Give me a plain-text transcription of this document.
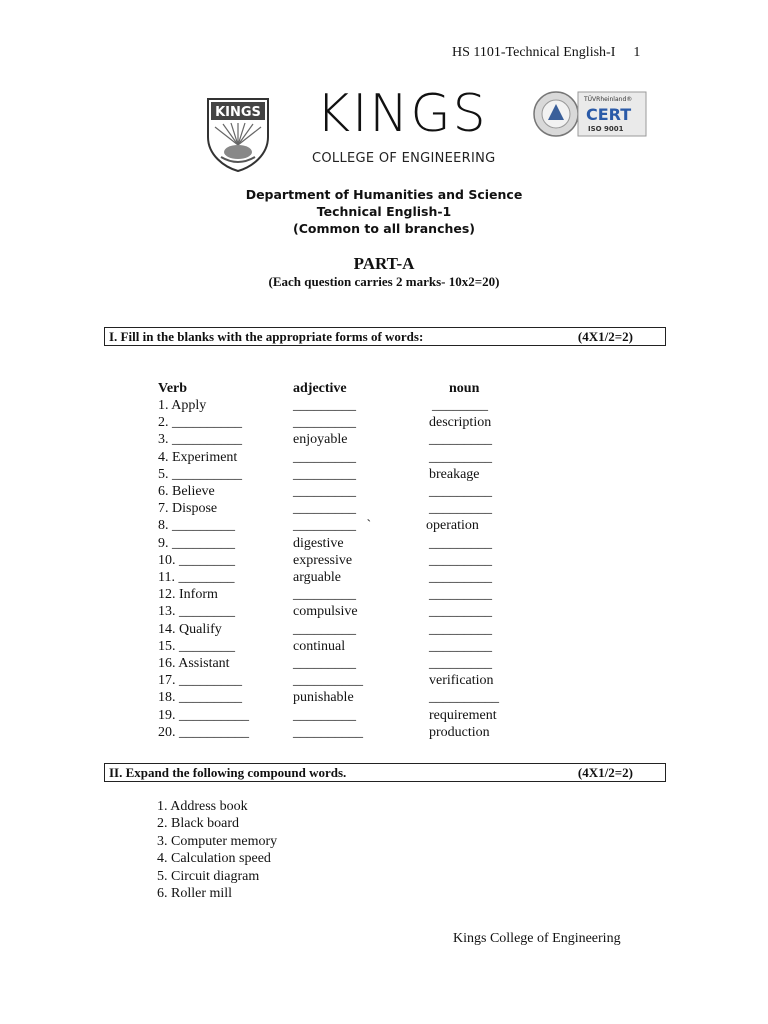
HS 1101-Technical English-I 1
KINGS KINGS
COLLEGE OF ENGINEERING
TÜVRheinland®
CERT
ISO 9001
Department of Humanities and Science
Technical English-1
(Common to all branches)
PART-A
(Each question carries 2 marks- 10x2=20)
I. Fill in the blanks with the appropriate forms of words:	(4X1/2=2)
Verb	adjective	noun
1. Apply	_________	________
2. __________	_________	description
3. __________	enjoyable	_________
4. Experiment	_________	_________
5. __________	_________	breakage
6. Believe	_________	_________
7. Dispose	_________	_________
8. _________	_________   `	operation
9. _________	digestive	_________
10. ________	expressive	_________
11. ________	arguable	_________
12. Inform	_________	_________
13. ________	compulsive	_________
14. Qualify	_________	_________
15. ________	continual	_________
16. Assistant	_________	_________
17. _________	__________	verification
18. _________	punishable	__________
19. __________	_________	requirement
20. __________	__________	production
II. Expand the following compound words.	(4X1/2=2)
1. Address book
2. Black board
3. Computer memory
4. Calculation speed
5. Circuit diagram
6. Roller mill
Kings College of Engineering
